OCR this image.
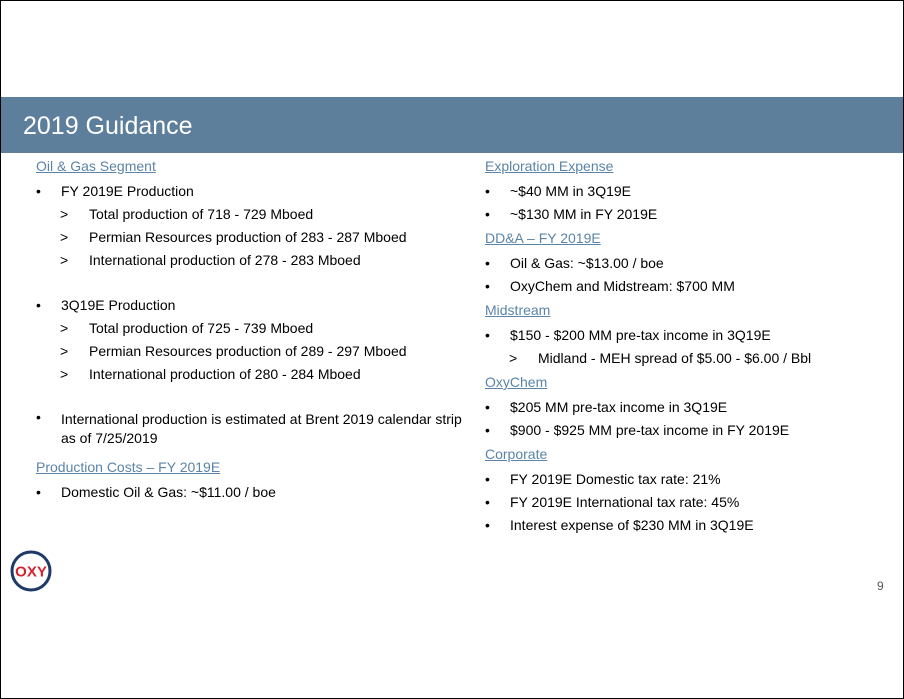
2019 Guidance
Oil & Gas Segment
• FY 2019E Production
> Total production of 718 - 729 Mboed
> Permian Resources production of 283 - 287 Mboed
> International production of 278 - 283 Mboed
• 3Q19E Production
> Total production of 725 - 739 Mboed
> Permian Resources production of 289 - 297 Mboed
> International production of 280 - 284 Mboed
• International production is estimated at Brent 2019 calendar strip as of 7/25/2019
Production Costs – FY 2019E
• Domestic Oil & Gas: ~$11.00 / boe
Exploration Expense
• ~$40 MM in 3Q19E
• ~$130 MM in FY 2019E
DD&A – FY 2019E
• Oil & Gas: ~$13.00 / boe
• OxyChem and Midstream: $700 MM
Midstream
• $150 - $200 MM pre-tax income in 3Q19E
> Midland - MEH spread of $5.00 - $6.00 / Bbl
OxyChem
• $205 MM pre-tax income in 3Q19E
• $900 - $925 MM pre-tax income in FY 2019E
Corporate
• FY 2019E Domestic tax rate: 21%
• FY 2019E International tax rate: 45%
• Interest expense of $230 MM in 3Q19E
OXY
9
